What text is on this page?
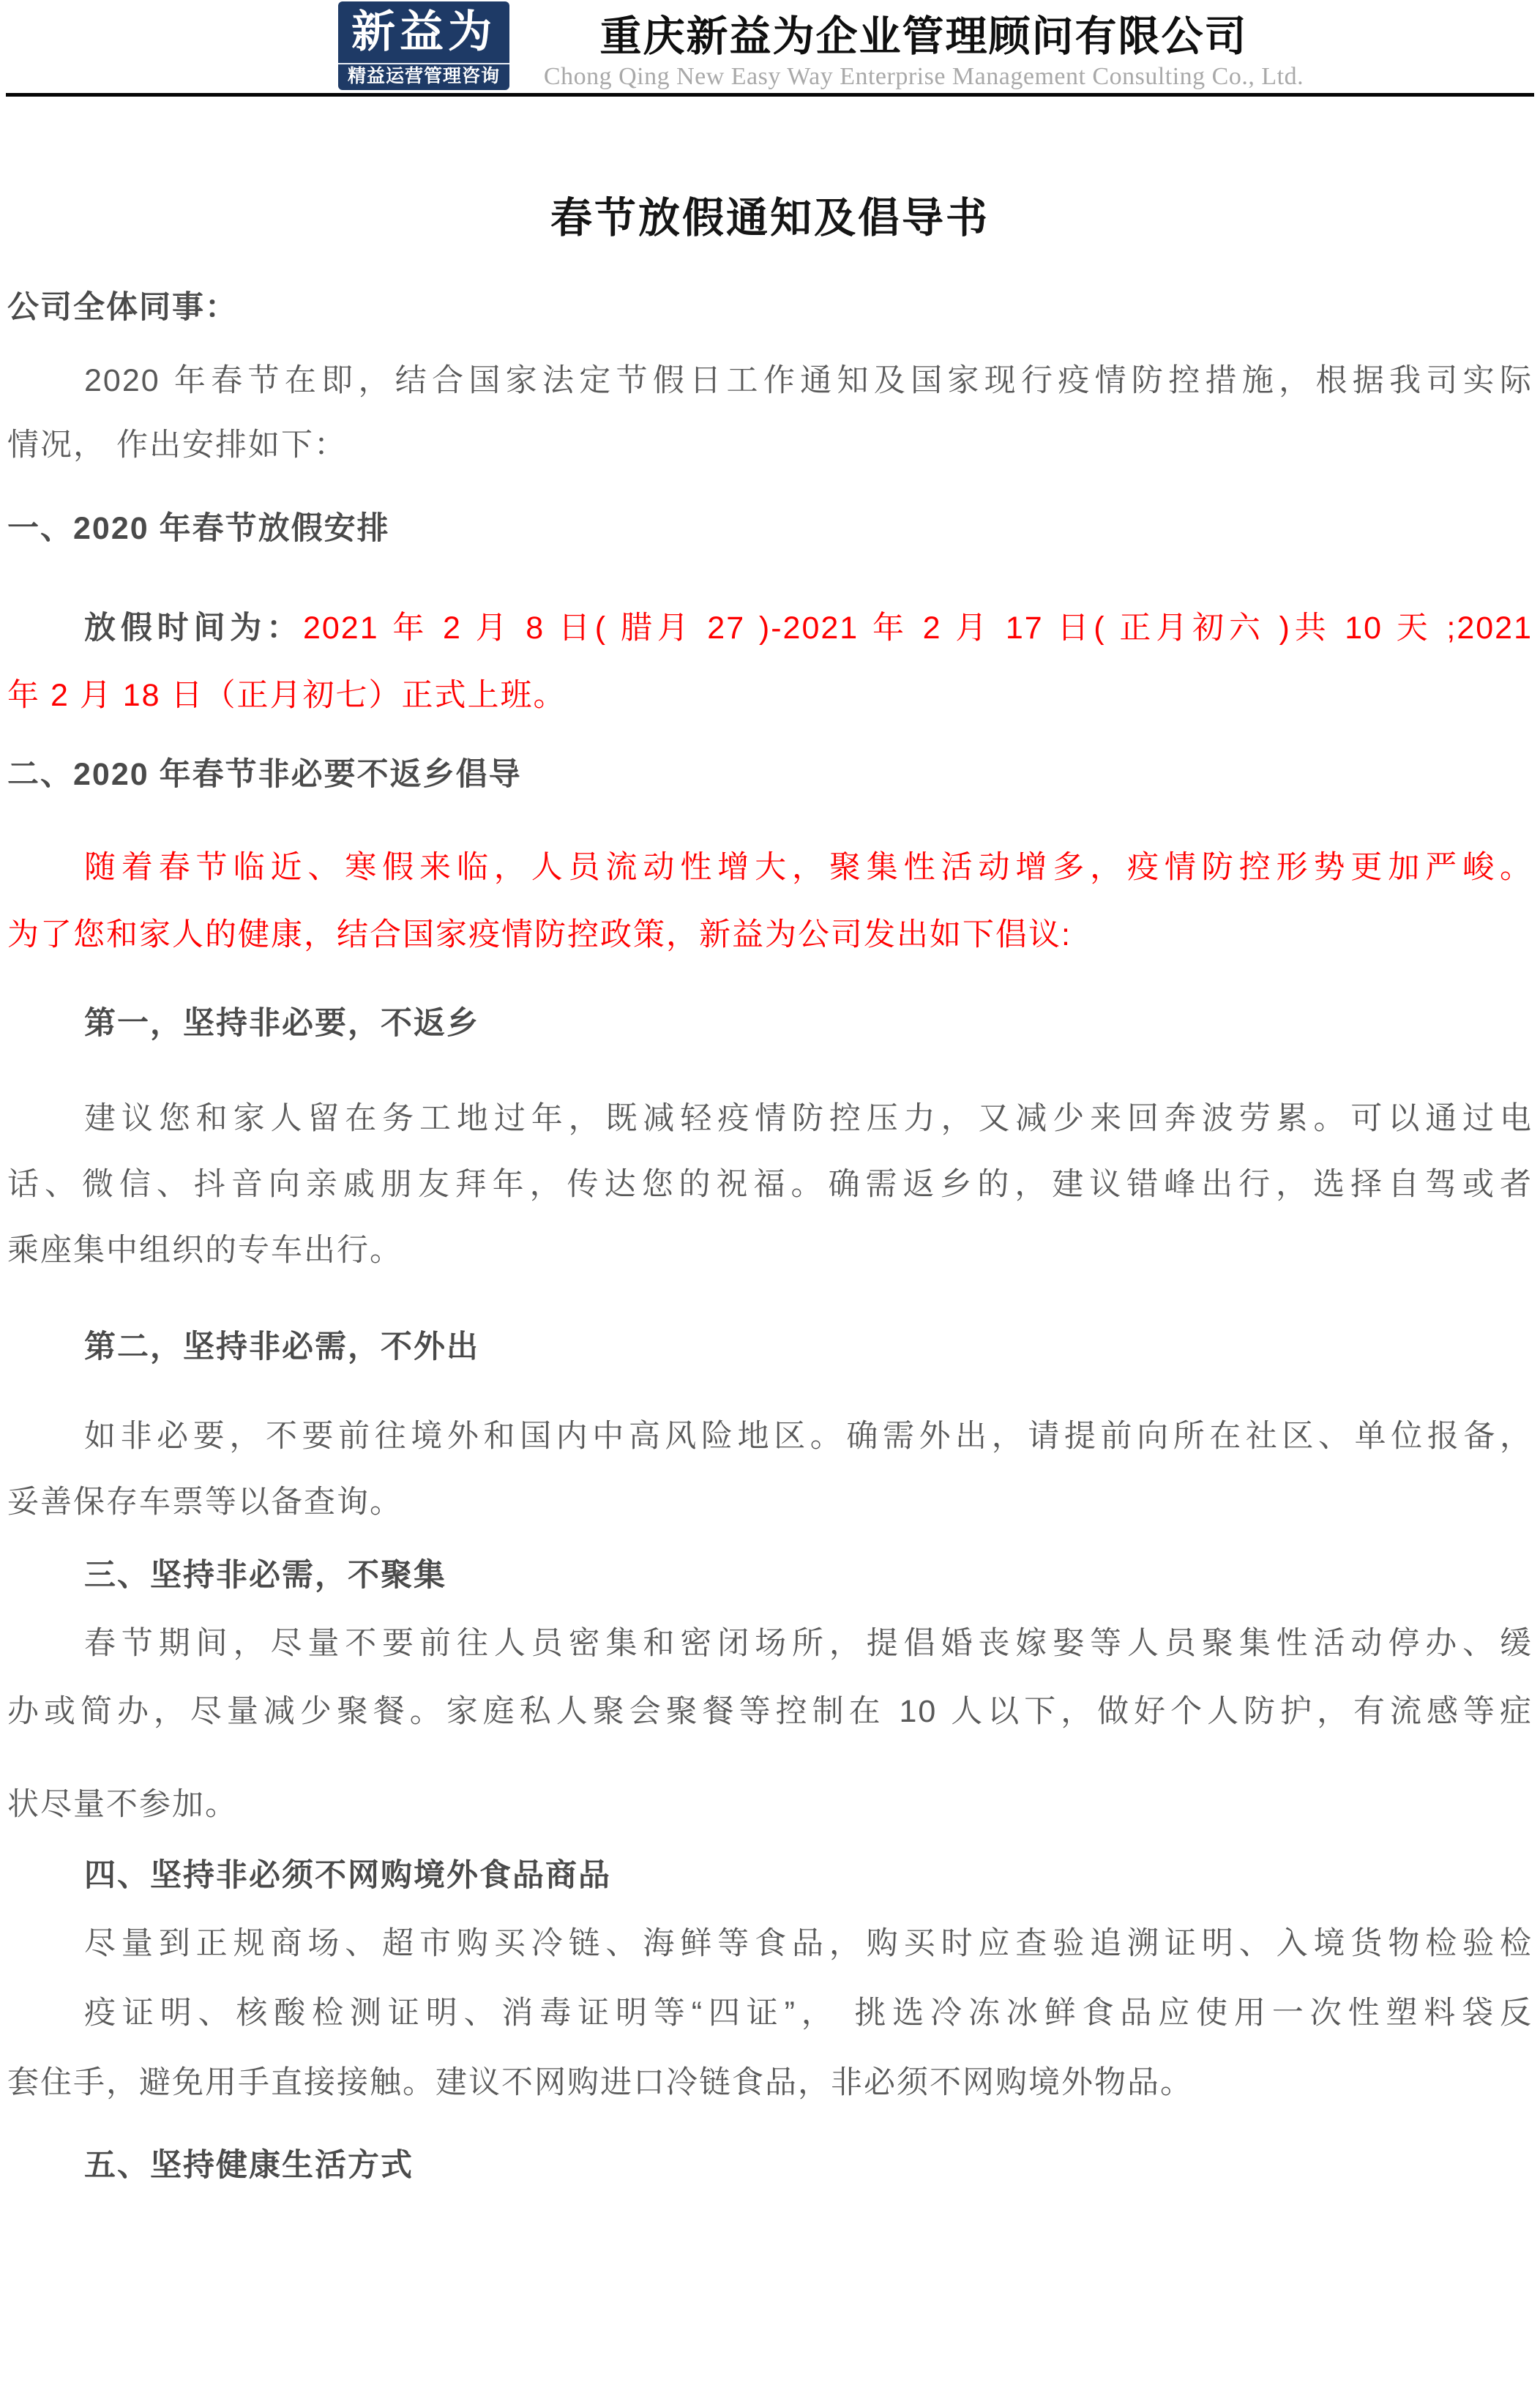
新益为
精益运营管理咨询
重庆新益为企业管理顾问有限公司
Chong Qing New Easy Way Enterprise Management Consulting Co., Ltd.
春节放假通知及倡导书
公司全体同事：
2020 年春节在即，结合国家法定节假日工作通知及国家现行疫情防控措施，根据我司实际
情况， 作出安排如下：
一、2020 年春节放假安排
放假时间为：2021 年 2 月 8 日( 腊月 27 )-2021 年 2 月 17 日( 正月初六 )共 10 天 ;2021
年 2 月 18 日（正月初七）正式上班。
二、2020 年春节非必要不返乡倡导
随着春节临近、寒假来临，人员流动性增大，聚集性活动增多，疫情防控形势更加严峻。
为了您和家人的健康，结合国家疫情防控政策，新益为公司发出如下倡议:
第一，坚持非必要，不返乡
建议您和家人留在务工地过年，既减轻疫情防控压力，又减少来回奔波劳累。可以通过电
话、微信、抖音向亲戚朋友拜年，传达您的祝福。确需返乡的，建议错峰出行，选择自驾或者
乘座集中组织的专车出行。
第二，坚持非必需，不外出
如非必要，不要前往境外和国内中高风险地区。确需外出，请提前向所在社区、单位报备，
妥善保存车票等以备查询。
三、坚持非必需，不聚集
春节期间，尽量不要前往人员密集和密闭场所，提倡婚丧嫁娶等人员聚集性活动停办、缓
办或简办，尽量减少聚餐。家庭私人聚会聚餐等控制在 10 人以下，做好个人防护，有流感等症
状尽量不参加。
四、坚持非必须不网购境外食品商品
尽量到正规商场、超市购买冷链、海鲜等食品，购买时应查验追溯证明、入境货物检验检
疫证明、核酸检测证明、消毒证明等“四证”， 挑选冷冻冰鲜食品应使用一次性塑料袋反
套住手，避免用手直接接触。建议不网购进口冷链食品，非必须不网购境外物品。
五、坚持健康生活方式
